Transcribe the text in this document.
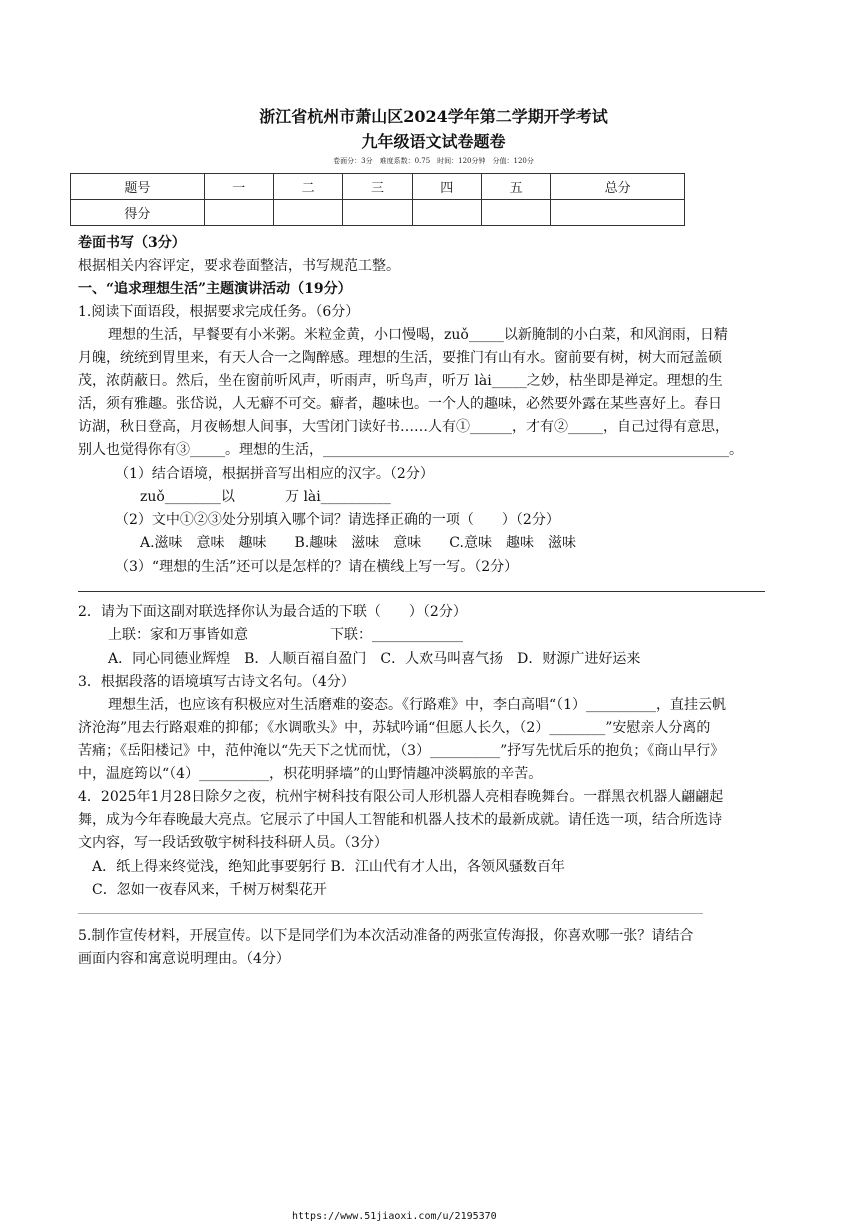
浙江省杭州市萧山区2024学年第二学期开学考试
九年级语文试卷题卷
卷面分：3分　难度系数：0.75　时间：120分钟　分值：120分
题号	一	二	三	四	五	总分
得分						
卷面书写（3分）
根据相关内容评定，要求卷面整洁，书写规范工整。
一、“追求理想生活”主题演讲活动（19分）
1.阅读下面语段，根据要求完成任务。（6分）
理想的生活，早餐要有小米粥。米粒金黄，小口慢喝，zuǒ_____以新腌制的小白菜，和风润雨，日精
月魄，统统到胃里来，有天人合一之陶醉感。理想的生活，要推门有山有水。窗前要有树，树大而冠盖硕
茂，浓荫蔽日。然后，坐在窗前听风声，听雨声，听鸟声，听万 lài_____之妙，枯坐即是禅定。理想的生
活，须有雅趣。张岱说，人无癖不可交。癖者，趣味也。一个人的趣味，必然要外露在某些喜好上。春日
访湖，秋日登高，月夜畅想人间事，大雪闭门读好书……人有①______，才有②_____，自己过得有意思，
别人也觉得你有③_____。理想的生活，__________________________________________________________。
（1）结合语境，根据拼音写出相应的汉字。（2分）
zuǒ________以	万 lài__________
（2）文中①②③处分别填入哪个词？请选择正确的一项（　　）（2分）
A.滋味　意味　趣味　　B.趣味　滋味　意味　　C.意味　趣味　滋味
（3）“理想的生活”还可以是怎样的？请在横线上写一写。（2分）
2．请为下面这副对联选择你认为最合适的下联（　　）（2分）
上联：家和万事皆如意	下联：_____________
A．同心同德业辉煌　B．人顺百福自盈门　C．人欢马叫喜气扬　D．财源广进好运来
3．根据段落的语境填写古诗文名句。（4分）
理想生活，也应该有积极应对生活磨难的姿态。《行路难》中，李白高唱“（1）__________，直挂云帆
济沧海”甩去行路艰难的抑郁；《水调歌头》中，苏轼吟诵“但愿人长久，（2）________”安慰亲人分离的
苦痛；《岳阳楼记》中，范仲淹以“先天下之忧而忧，（3）__________”抒写先忧后乐的抱负；《商山早行》
中，温庭筠以“（4）__________，枳花明驿墙”的山野情趣冲淡羁旅的辛苦。
4．2025年1月28日除夕之夜，杭州宇树科技有限公司人形机器人亮相春晚舞台。一群黑衣机器人翩翩起
舞，成为今年春晚最大亮点。它展示了中国人工智能和机器人技术的最新成就。请任选一项，结合所选诗
文内容，写一段话致敬宇树科技科研人员。（3分）
A．纸上得来终觉浅，绝知此事要躬行 B．江山代有才人出，各领风骚数百年
C．忽如一夜春风来，千树万树梨花开
5.制作宣传材料，开展宣传。以下是同学们为本次活动准备的两张宣传海报，你喜欢哪一张？请结合
画面内容和寓意说明理由。（4分）
https://www.51jiaoxi.com/u/2195370
